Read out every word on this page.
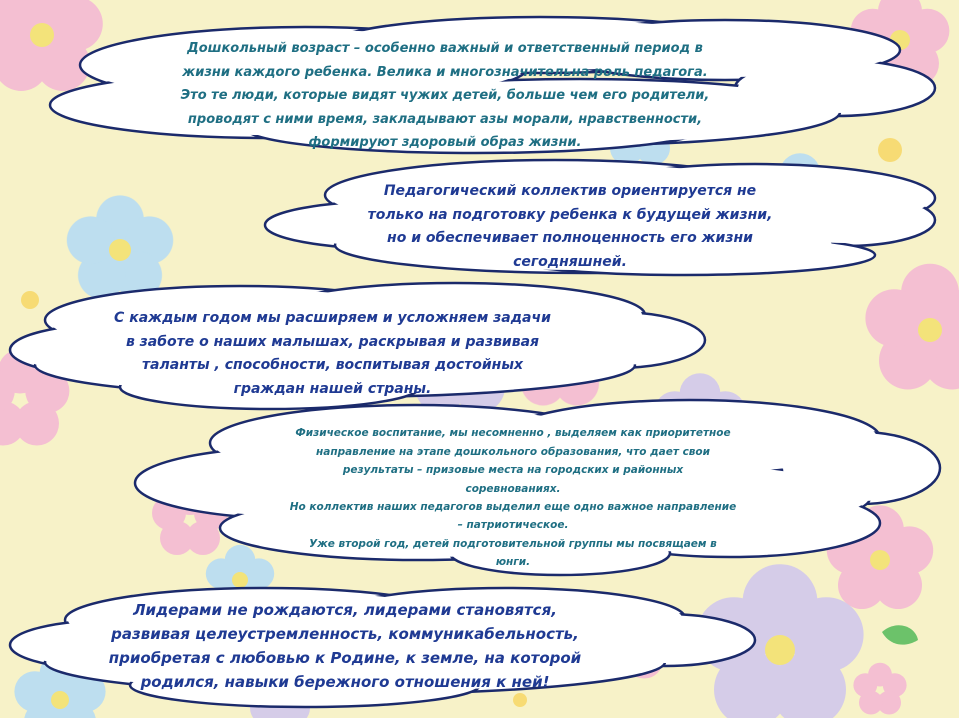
Дошкольный возраст – особенно важный и ответственный период в
жизни каждого ребенка. Велика и многозначительна роль педагога.
Это те люди, которые видят чужих детей, больше чем его родители,
проводят с ними время, закладывают азы морали, нравственности,
формируют здоровый образ жизни.
Педагогический коллектив ориентируется не
только на подготовку ребенка к будущей жизни,
но и обеспечивает полноценность его жизни
сегодняшней.
С каждым годом мы расширяем и усложняем задачи
в заботе о наших малышах, раскрывая и развивая
таланты , способности, воспитывая достойных
граждан нашей страны.
Физическое воспитание, мы несомненно , выделяем как приоритетное
направление на этапе дошкольного образования, что дает свои
результаты – призовые места на городских и районных
соревнованиях.
Но коллектив наших педагогов выделил еще одно важное направление
– патриотическое.
Уже второй год, детей подготовительной группы мы посвящаем в
юнги.
Лидерами не рождаются, лидерами становятся,
развивая целеустремленность, коммуникабельность,
приобретая с любовью к Родине, к земле, на которой
родился, навыки бережного отношения к ней!
